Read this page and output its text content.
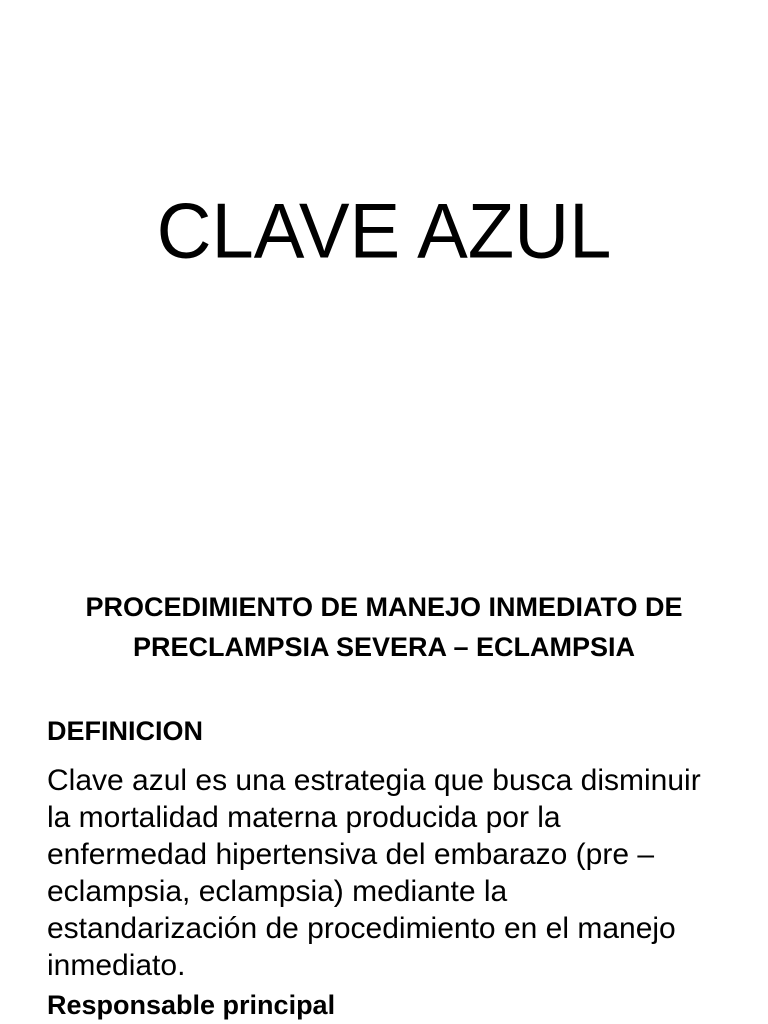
CLAVE AZUL
PROCEDIMIENTO DE MANEJO INMEDIATO DE
PRECLAMPSIA SEVERA – ECLAMPSIA
DEFINICION
Clave azul es una estrategia que busca disminuir
la mortalidad materna producida por la
enfermedad hipertensiva del embarazo (pre –
eclampsia, eclampsia) mediante la
estandarización de procedimiento en el manejo
inmediato.
Responsable principal
